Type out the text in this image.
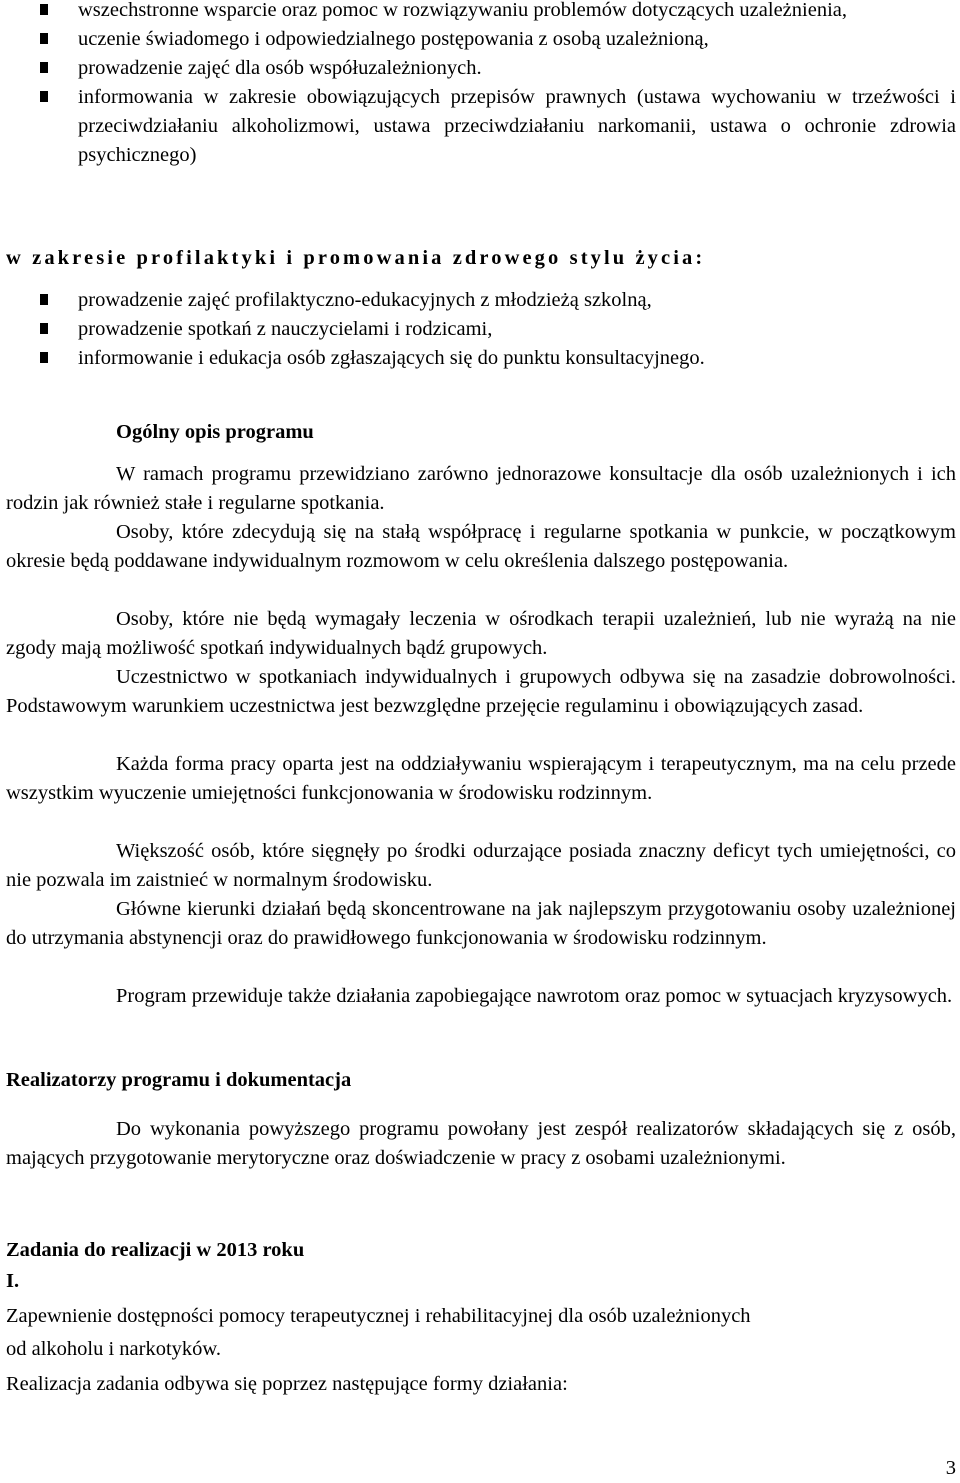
wszechstronne wsparcie oraz pomoc w rozwiązywaniu problemów dotyczących uzależnienia,
uczenie świadomego i odpowiedzialnego postępowania z osobą uzależnioną,
prowadzenie zajęć dla osób współuzależnionych.
informowania w zakresie obowiązujących przepisów prawnych (ustawa wychowaniu w trzeźwości i przeciwdziałaniu alkoholizmowi, ustawa przeciwdziałaniu narkomanii, ustawa o ochronie zdrowia psychicznego)
w zakresie profilaktyki i promowania zdrowego stylu życia:
prowadzenie zajęć profilaktyczno-edukacyjnych z młodzieżą szkolną,
prowadzenie spotkań z nauczycielami i rodzicami,
informowanie i edukacja osób zgłaszających się do punktu konsultacyjnego.
Ogólny opis programu
W ramach programu przewidziano zarówno jednorazowe konsultacje dla osób uzależnionych i ich rodzin jak również stałe i regularne spotkania.
Osoby, które zdecydują się na stałą współpracę i regularne spotkania w punkcie, w początkowym okresie będą poddawane indywidualnym rozmowom w celu określenia dalszego postępowania.
Osoby, które nie będą wymagały leczenia w ośrodkach terapii uzależnień, lub nie wyrażą na nie zgody mają możliwość spotkań indywidualnych bądź grupowych.
Uczestnictwo w spotkaniach indywidualnych i grupowych odbywa się na zasadzie dobrowolności. Podstawowym warunkiem uczestnictwa jest bezwzględne przejęcie regulaminu i obowiązujących zasad.
Każda forma pracy oparta jest na oddziaływaniu wspierającym i terapeutycznym, ma na celu przede wszystkim wyuczenie umiejętności funkcjonowania w środowisku rodzinnym.
Większość osób, które sięgnęły po środki odurzające posiada znaczny deficyt tych umiejętności, co nie pozwala im zaistnieć w normalnym środowisku.
Główne kierunki działań będą skoncentrowane na jak najlepszym przygotowaniu osoby uzależnionej do utrzymania abstynencji oraz do prawidłowego funkcjonowania w środowisku rodzinnym.
Program przewiduje także działania zapobiegające nawrotom oraz pomoc w sytuacjach kryzysowych.
Realizatorzy programu i dokumentacja
Do wykonania powyższego programu powołany jest zespół realizatorów składających się z osób, mających przygotowanie merytoryczne oraz doświadczenie w pracy z osobami uzależnionymi.
Zadania do realizacji w 2013 roku
I.
Zapewnienie dostępności pomocy terapeutycznej i rehabilitacyjnej dla osób uzależnionych
od alkoholu i narkotyków.
Realizacja zadania odbywa się poprzez następujące formy działania:
3
